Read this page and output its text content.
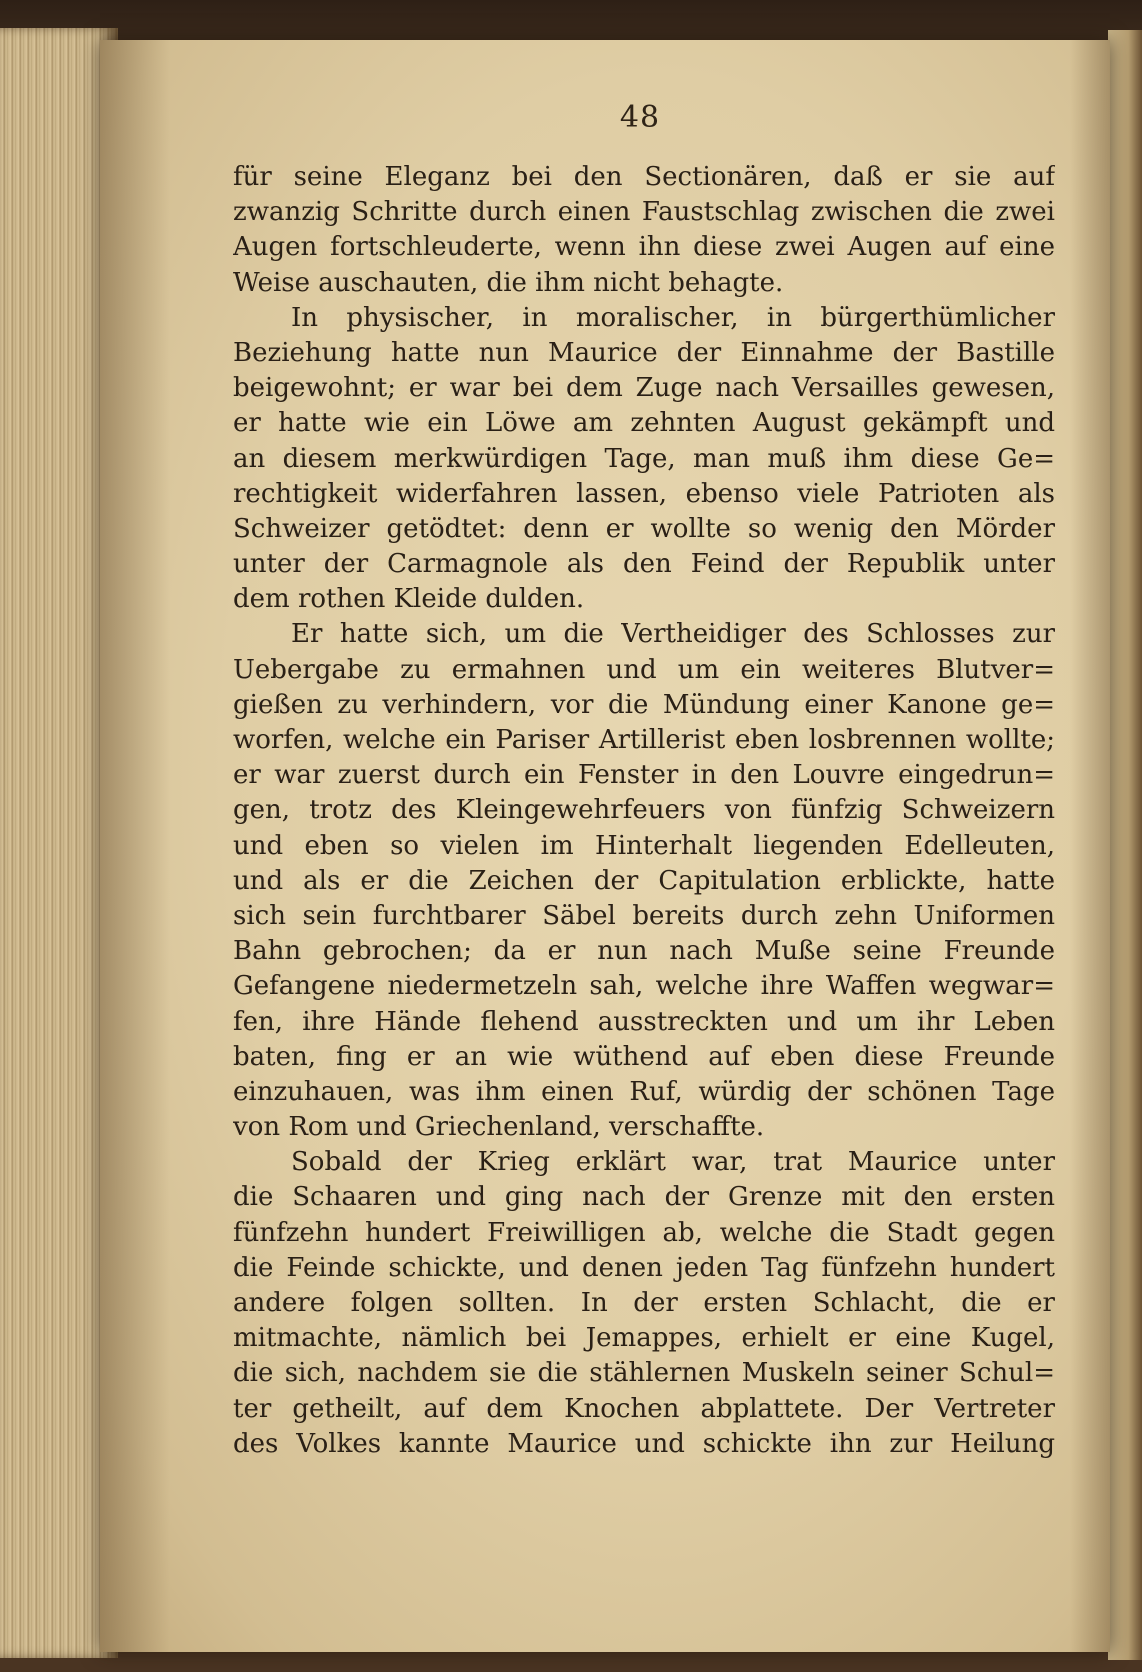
48
für seine Eleganz bei den Sectionären, daß er sie auf
zwanzig Schritte durch einen Faustschlag zwischen die zwei
Augen fortschleuderte, wenn ihn diese zwei Augen auf eine
Weise auschauten, die ihm nicht behagte.
In physischer, in moralischer, in bürgerthümlicher
Beziehung hatte nun Maurice der Einnahme der Bastille
beigewohnt; er war bei dem Zuge nach Versailles gewesen,
er hatte wie ein Löwe am zehnten August gekämpft und
an diesem merkwürdigen Tage, man muß ihm diese Ge=
rechtigkeit widerfahren lassen, ebenso viele Patrioten als
Schweizer getödtet: denn er wollte so wenig den Mörder
unter der Carmagnole als den Feind der Republik unter
dem rothen Kleide dulden.
Er hatte sich, um die Vertheidiger des Schlosses zur
Uebergabe zu ermahnen und um ein weiteres Blutver=
gießen zu verhindern, vor die Mündung einer Kanone ge=
worfen, welche ein Pariser Artillerist eben losbrennen wollte;
er war zuerst durch ein Fenster in den Louvre eingedrun=
gen, trotz des Kleingewehrfeuers von fünfzig Schweizern
und eben so vielen im Hinterhalt liegenden Edelleuten,
und als er die Zeichen der Capitulation erblickte, hatte
sich sein furchtbarer Säbel bereits durch zehn Uniformen
Bahn gebrochen; da er nun nach Muße seine Freunde
Gefangene niedermetzeln sah, welche ihre Waffen wegwar=
fen, ihre Hände flehend ausstreckten und um ihr Leben
baten, fing er an wie wüthend auf eben diese Freunde
einzuhauen, was ihm einen Ruf, würdig der schönen Tage
von Rom und Griechenland, verschaffte.
Sobald der Krieg erklärt war, trat Maurice unter
die Schaaren und ging nach der Grenze mit den ersten
fünfzehn hundert Freiwilligen ab, welche die Stadt gegen
die Feinde schickte, und denen jeden Tag fünfzehn hundert
andere folgen sollten. In der ersten Schlacht, die er
mitmachte, nämlich bei Jemappes, erhielt er eine Kugel,
die sich, nachdem sie die stählernen Muskeln seiner Schul=
ter getheilt, auf dem Knochen abplattete. Der Vertreter
des Volkes kannte Maurice und schickte ihn zur Heilung
